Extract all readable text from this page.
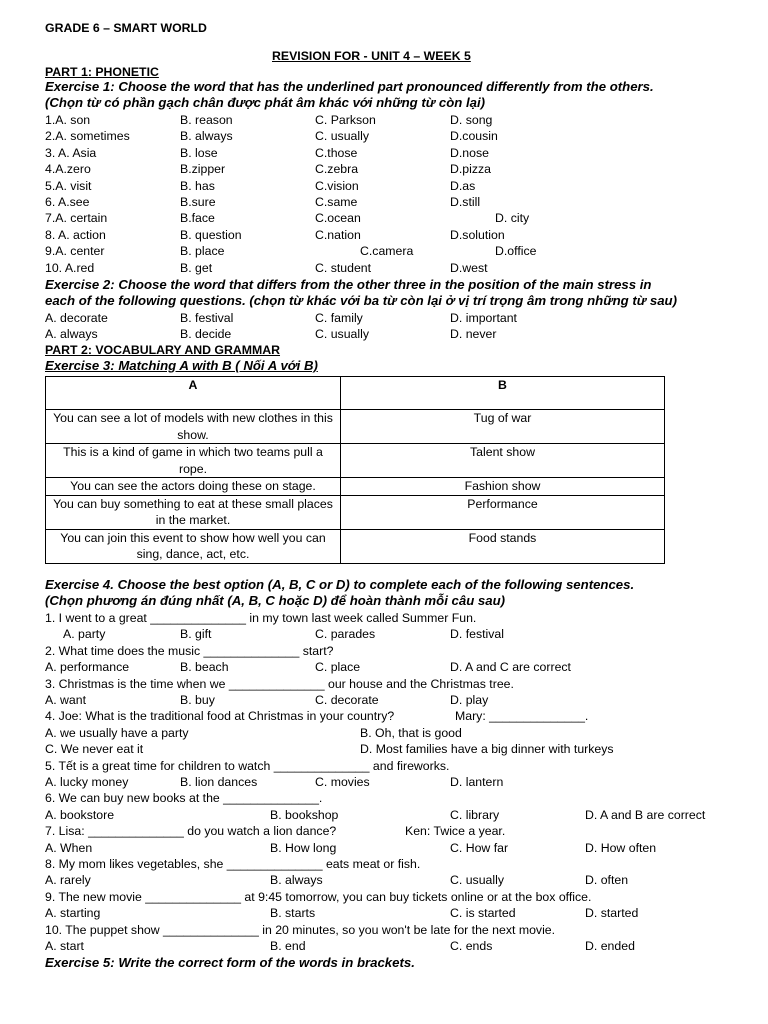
GRADE 6 – SMART WORLD
REVISION FOR - UNIT 4 – WEEK 5
PART 1: PHONETIC
Exercise 1: Choose the word that has the underlined part pronounced differently from the others.
(Chọn từ có phần gạch chân được phát âm khác với những từ còn lại)
1.A. son	B. reason	C. Parkson	D. song
2.A. sometimes	B. always	C. usually	D.cousin
3. A. Asia	B. lose	C.those	D.nose
4.A.zero	B.zipper	C.zebra	D.pizza
5.A. visit	B. has	C.vision	D.as
6. A.see	B.sure	C.same	D.still
7.A. certain	B.face	C.ocean	D. city
8. A. action	B. question	C.nation	D.solution
9.A. center	B. place	C.camera	D.office
10. A.red	B. get	C. student	D.west
Exercise 2: Choose the word that differs from the other three in the position of the main stress in
each of the following questions. (chọn từ khác với ba từ còn lại ở vị trí trọng âm trong những từ sau)
A. decorate	B. festival	C. family	D. important
A. always	B. decide	C. usually	D. never
PART 2: VOCABULARY AND GRAMMAR
Exercise 3: Matching A with B ( Nối A với B)
A	B
You can see a lot of models with new clothes in this show.	Tug of war
This is a kind of game in which two teams pull a rope.	Talent show
You can see the actors doing these on stage.	Fashion show
You can buy something to eat at these small places in the market.	Performance
You can join this event to show how well you can sing, dance, act, etc.	Food stands
Exercise 4. Choose the best option (A, B, C or D) to complete each of the following sentences.
(Chọn phương án đúng nhất (A, B, C hoặc D) để hoàn thành mỗi câu sau)
1. I went to a great ______________ in my town last week called Summer Fun.
A. party	B. gift	C. parades	D. festival
2. What time does the music ______________ start?
A. performance	B. beach	C. place	D. A and C are correct
3. Christmas is the time when we ______________ our house and the Christmas tree.
A. want	B. buy	C. decorate	D. play
4. Joe: What is the traditional food at Christmas in your country?	Mary: ______________.
A. we usually have a party	B. Oh, that is good
C. We never eat it	D. Most families have a big dinner with turkeys
5. Tết is a great time for children to watch ______________ and fireworks.
A. lucky money	B. lion dances	C. movies	D. lantern
6. We can buy new books at the ______________.
A. bookstore	B. bookshop	C. library	D. A and B are correct
7. Lisa: ______________ do you watch a lion dance?	Ken: Twice a year.
A. When	B. How long	C. How far	D. How often
8. My mom likes vegetables, she ______________ eats meat or fish.
A. rarely	B. always	C. usually	D. often
9. The new movie ______________ at 9:45 tomorrow, you can buy tickets online or at the box office.
A. starting	B. starts	C. is started	D. started
10. The puppet show ______________ in 20 minutes, so you won't be late for the next movie.
A. start	B. end	C. ends	D. ended
Exercise 5: Write the correct form of the words in brackets.
